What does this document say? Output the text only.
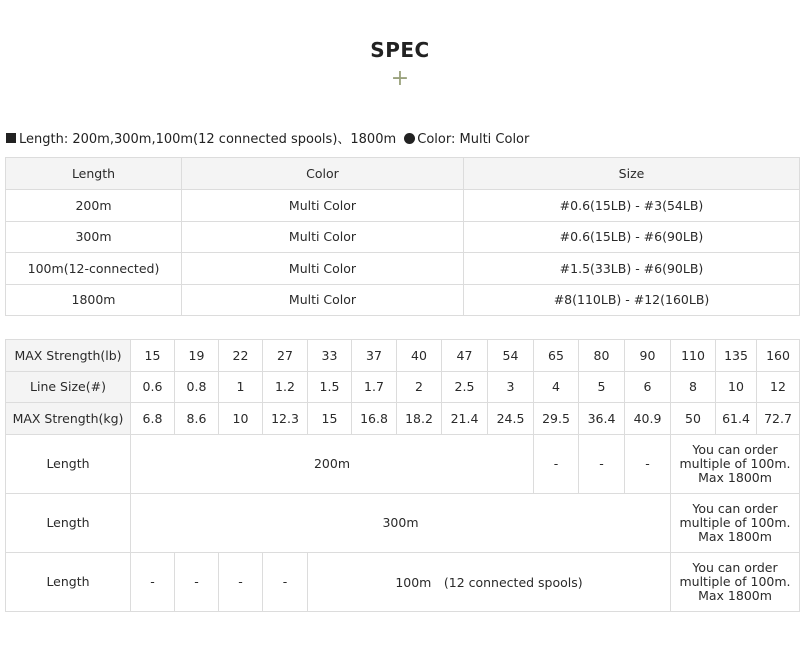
SPEC
+
Length: 200m,300m,100m(12 connected spools)、1800m Color: Multi Color
Length	Color	Size
200m	Multi Color	#0.6(15LB) - #3(54LB)
300m	Multi Color	#0.6(15LB) - #6(90LB)
100m(12-connected)	Multi Color	#1.5(33LB) - #6(90LB)
1800m	Multi Color	#8(110LB) - #12(160LB)
MAX Strength(lb)	15	19	22	27	33	37	40	47	54	65	80	90	110	135	160
Line Size(#)	0.6	0.8	1	1.2	1.5	1.7	2	2.5	3	4	5	6	8	10	12
MAX Strength(kg)	6.8	8.6	10	12.3	15	16.8	18.2	21.4	24.5	29.5	36.4	40.9	50	61.4	72.7
Length	200m									-	-	-	You can order
multiple of 100m.
Max 1800m		
Length	300m												You can order
multiple of 100m.
Max 1800m		
Length	-	-	-	-	100m　(12 connected spools)								You can order
multiple of 100m.
Max 1800m		
